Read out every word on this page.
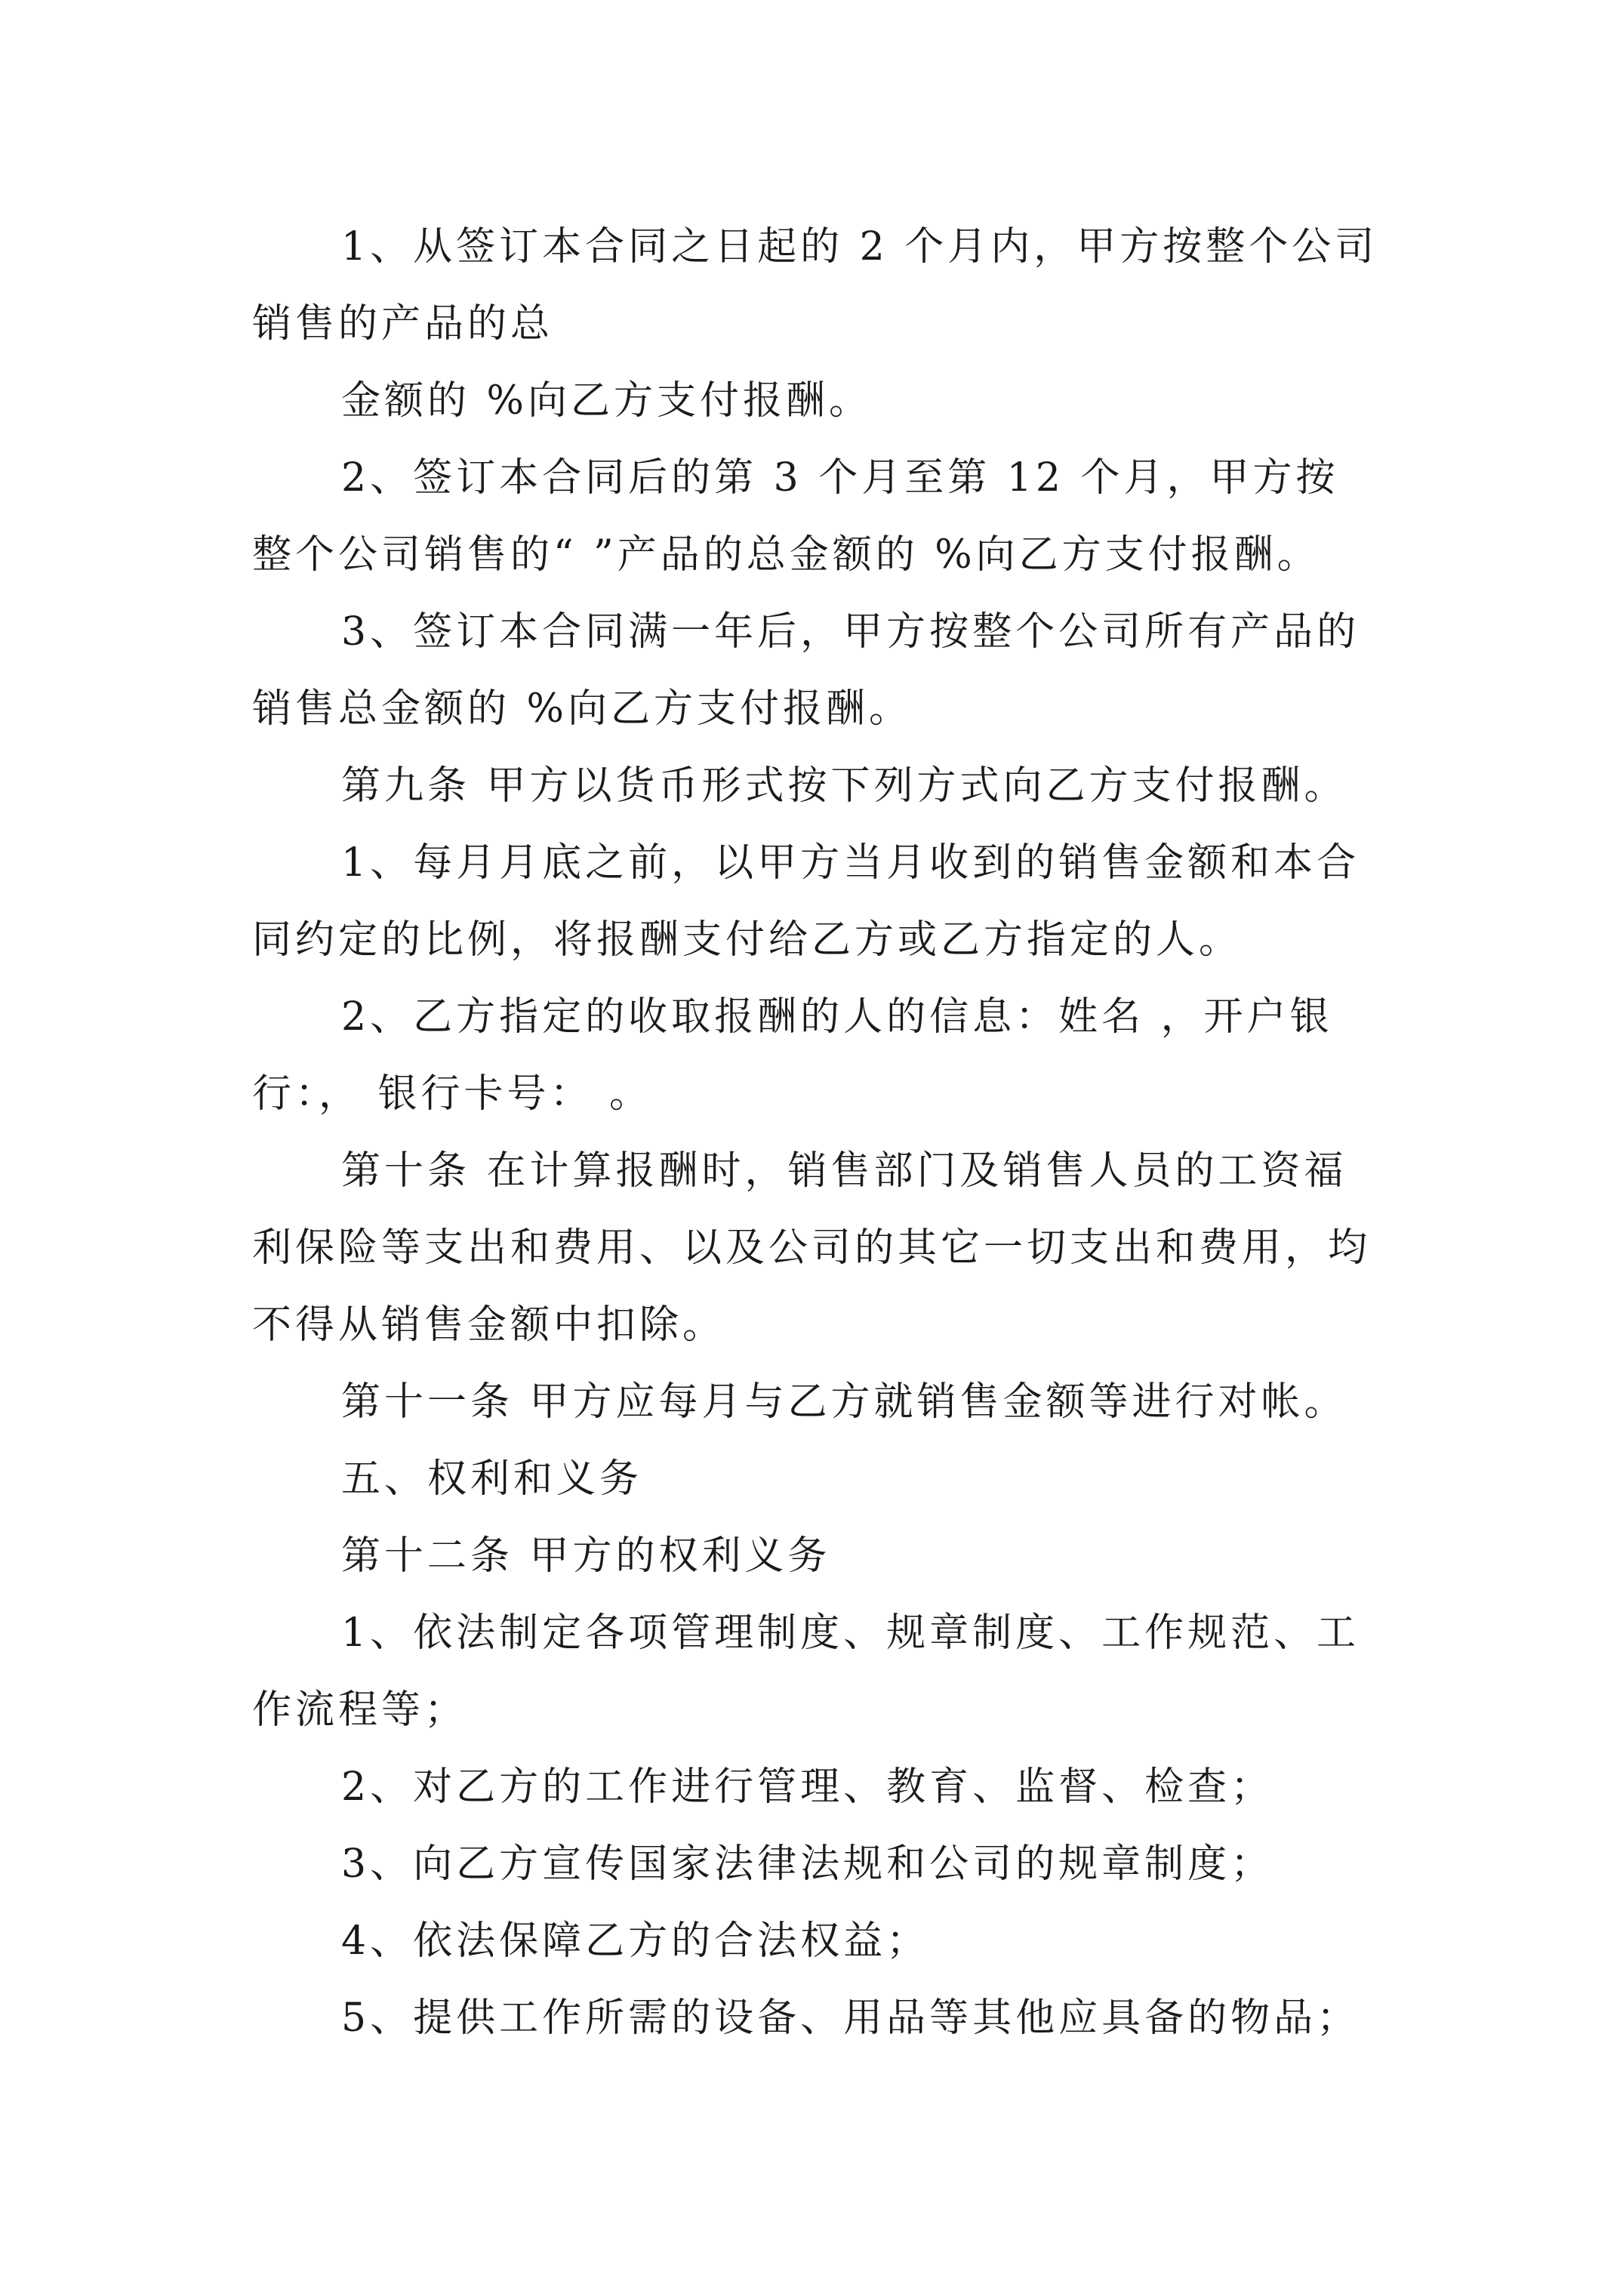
1、从签订本合同之日起的 2 个月内，甲方按整个公司销售的产品的总

金额的 %向乙方支付报酬。

2、签订本合同后的第 3 个月至第 12 个月，甲方按整个公司销售的“ ”产品的总金额的 %向乙方支付报酬。

3、签订本合同满一年后，甲方按整个公司所有产品的销售总金额的 %向乙方支付报酬。

第九条 甲方以货币形式按下列方式向乙方支付报酬。

1、每月月底之前，以甲方当月收到的销售金额和本合同约定的比例，将报酬支付给乙方或乙方指定的人。

2、乙方指定的收取报酬的人的信息：姓名 ，开户银行：， 银行卡号： 。

第十条 在计算报酬时，销售部门及销售人员的工资福利保险等支出和费用、以及公司的其它一切支出和费用，均不得从销售金额中扣除。

第十一条 甲方应每月与乙方就销售金额等进行对帐。

五、权利和义务

第十二条 甲方的权利义务

1、依法制定各项管理制度、规章制度、工作规范、工作流程等；

2、对乙方的工作进行管理、教育、监督、检查；

3、向乙方宣传国家法律法规和公司的规章制度；

4、依法保障乙方的合法权益；

5、提供工作所需的设备、用品等其他应具备的物品；
